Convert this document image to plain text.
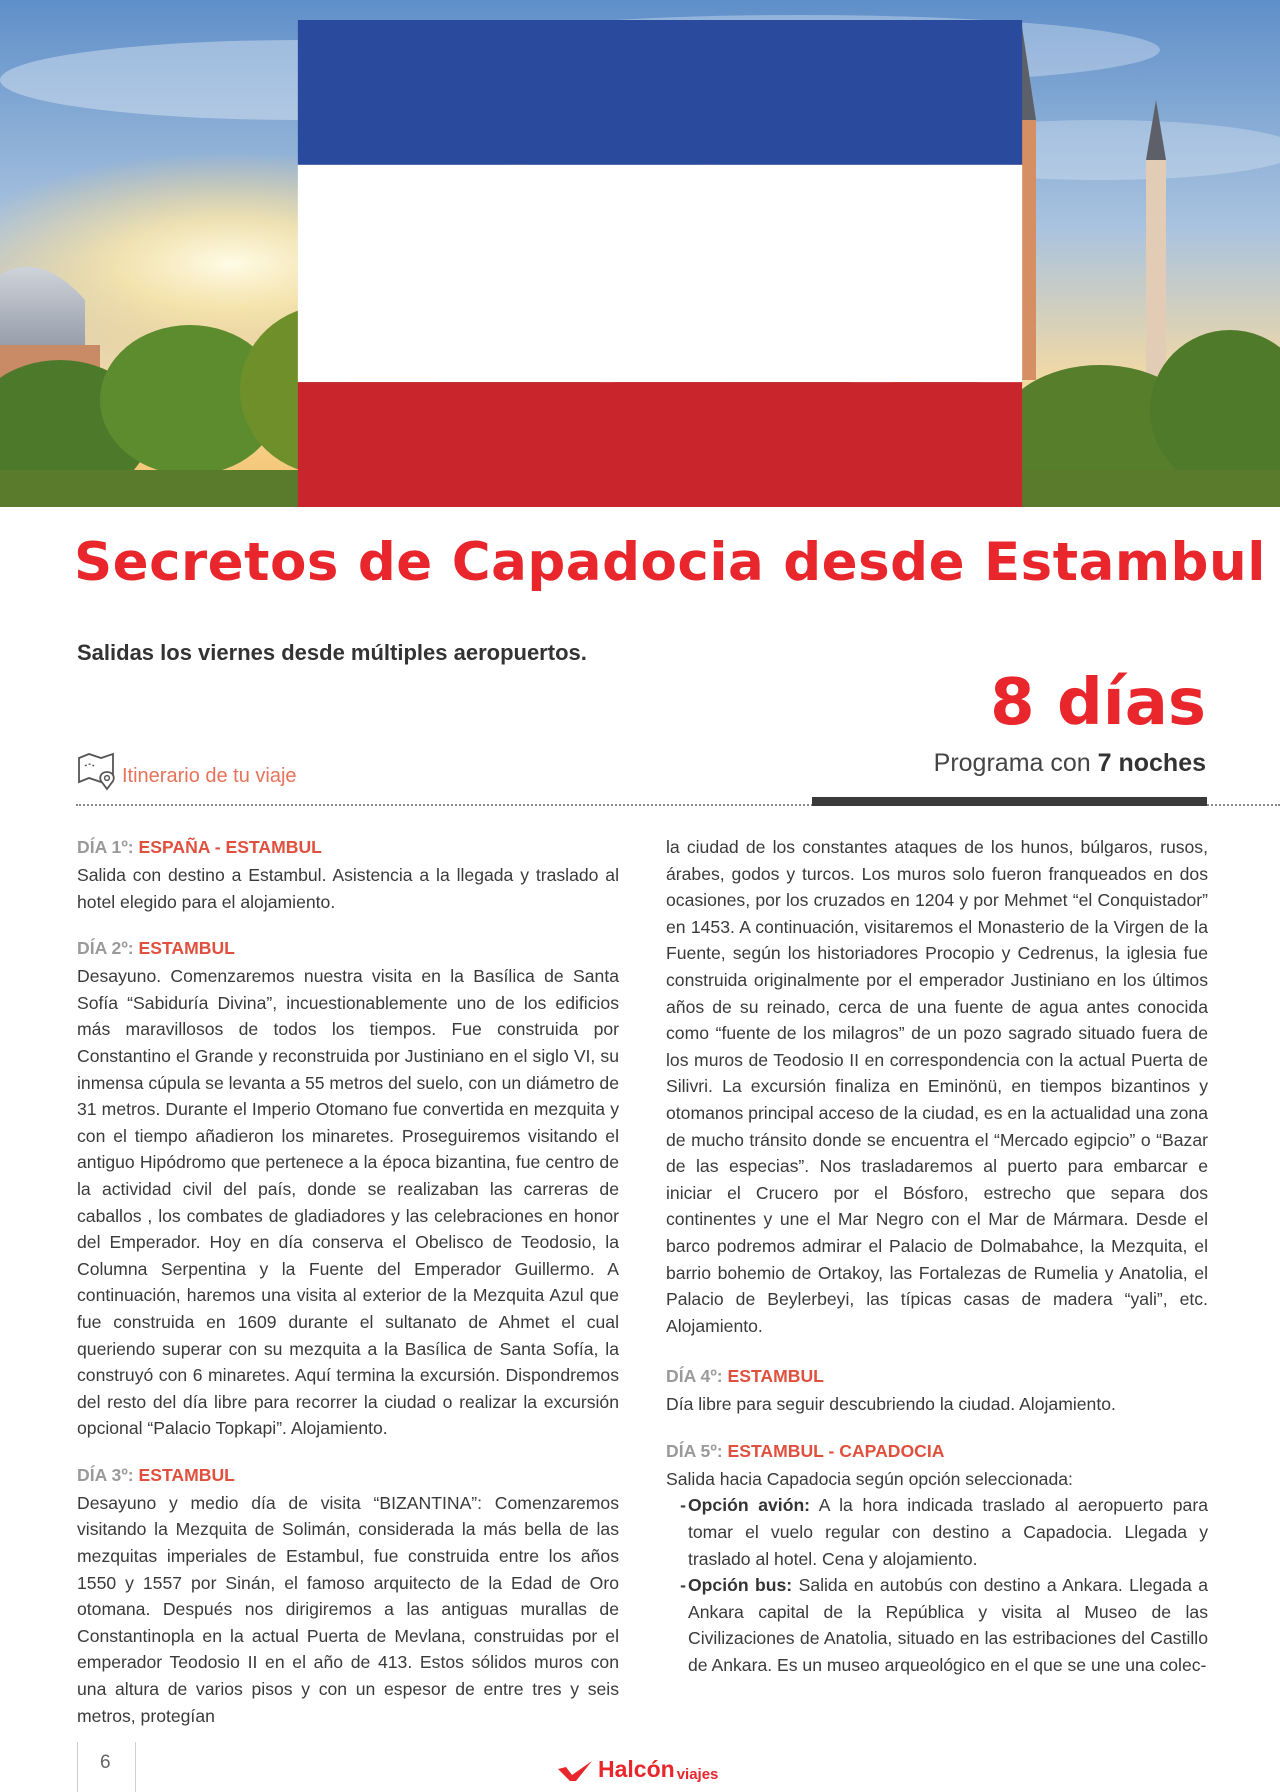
Secretos de Capadocia desde Estambul
Salidas los viernes desde múltiples aeropuertos.
8 días
Programa con 7 noches
Itinerario de tu viaje
DÍA 1º: ESPAÑA - ESTAMBUL

Salida con destino a Estambul. Asistencia a la llegada y traslado al hotel elegido para el alojamiento.

DÍA 2º: ESTAMBUL

Desayuno. Comenzaremos nuestra visita en la Basílica de Santa Sofía “Sabiduría Divina”, incuestionablemente uno de los edificios más maravillosos de todos los tiempos. Fue construida por Constantino el Grande y reconstruida por Justiniano en el siglo VI, su inmensa cúpula se levanta a 55 metros del suelo, con un diámetro de 31 metros. Durante el Imperio Otomano fue convertida en mezquita y con el tiempo añadieron los minaretes. Proseguiremos visitando el antiguo Hipódromo que pertenece a la época bizantina, fue centro de la actividad civil del país, donde se realizaban las carreras de caballos , los combates de gladiadores y las celebraciones en honor del Emperador. Hoy en día conserva el Obelisco de Teodosio, la Columna Serpentina y la Fuente del Emperador Guillermo. A continuación, haremos una visita al exterior de la Mezquita Azul que fue construida en 1609 durante el sultanato de Ahmet el cual queriendo superar con su mezquita a la Basílica de Santa Sofía, la construyó con 6 minaretes. Aquí termina la excursión. Dispondremos del resto del día libre para recorrer la ciudad o realizar la excursión opcional “Palacio Topkapi”. Alojamiento.

DÍA 3º: ESTAMBUL

Desayuno y medio día de visita “BIZANTINA”: Comenzaremos visitando la Mezquita de Solimán, considerada la más bella de las mezquitas imperiales de Estambul, fue construida entre los años 1550 y 1557 por Sinán, el famoso arquitecto de la Edad de Oro otomana. Después nos dirigiremos a las antiguas murallas de Constantinopla en la actual Puerta de Mevlana, construidas por el emperador Teodosio II en el año de 413. Estos sólidos muros con una altura de varios pisos y con un espesor de entre tres y seis metros, protegían

la ciudad de los constantes ataques de los hunos, búlgaros, rusos, árabes, godos y turcos. Los muros solo fueron franqueados en dos ocasiones, por los cruzados en 1204 y por Mehmet “el Conquistador” en 1453. A continuación, visitaremos el Monasterio de la Virgen de la Fuente, según los historiadores Procopio y Cedrenus, la iglesia fue construida originalmente por el emperador Justiniano en los últimos años de su reinado, cerca de una fuente de agua antes conocida como “fuente de los milagros” de un pozo sagrado situado fuera de los muros de Teodosio II en correspondencia con la actual Puerta de Silivri. La excursión finaliza en Eminönü, en tiempos bizantinos y otomanos principal acceso de la ciudad, es en la actualidad una zona de mucho tránsito donde se encuentra el “Mercado egipcio” o “Bazar de las especias”. Nos trasladaremos al puerto para embarcar e iniciar el Crucero por el Bósforo, estrecho que separa dos continentes y une el Mar Negro con el Mar de Mármara. Desde el barco podremos admirar el Palacio de Dolmabahce, la Mezquita, el barrio bohemio de Ortakoy, las Fortalezas de Rumelia y Anatolia, el Palacio de Beylerbeyi, las típicas casas de madera “yali”, etc. Alojamiento.

DÍA 4º: ESTAMBUL

Día libre para seguir descubriendo la ciudad. Alojamiento.

DÍA 5º: ESTAMBUL - CAPADOCIA

Salida hacia Capadocia según opción seleccionada:

- Opción avión: A la hora indicada traslado al aeropuerto para tomar el vuelo regular con destino a Capadocia. Llegada y traslado al hotel. Cena y alojamiento.
- Opción bus: Salida en autobús con destino a Ankara. Llegada a Ankara capital de la República y visita al Museo de las Civilizaciones de Anatolia, situado en las estribaciones del Castillo de Ankara. Es un museo arqueológico en el que se une una colec-
6	Halcón viajes
